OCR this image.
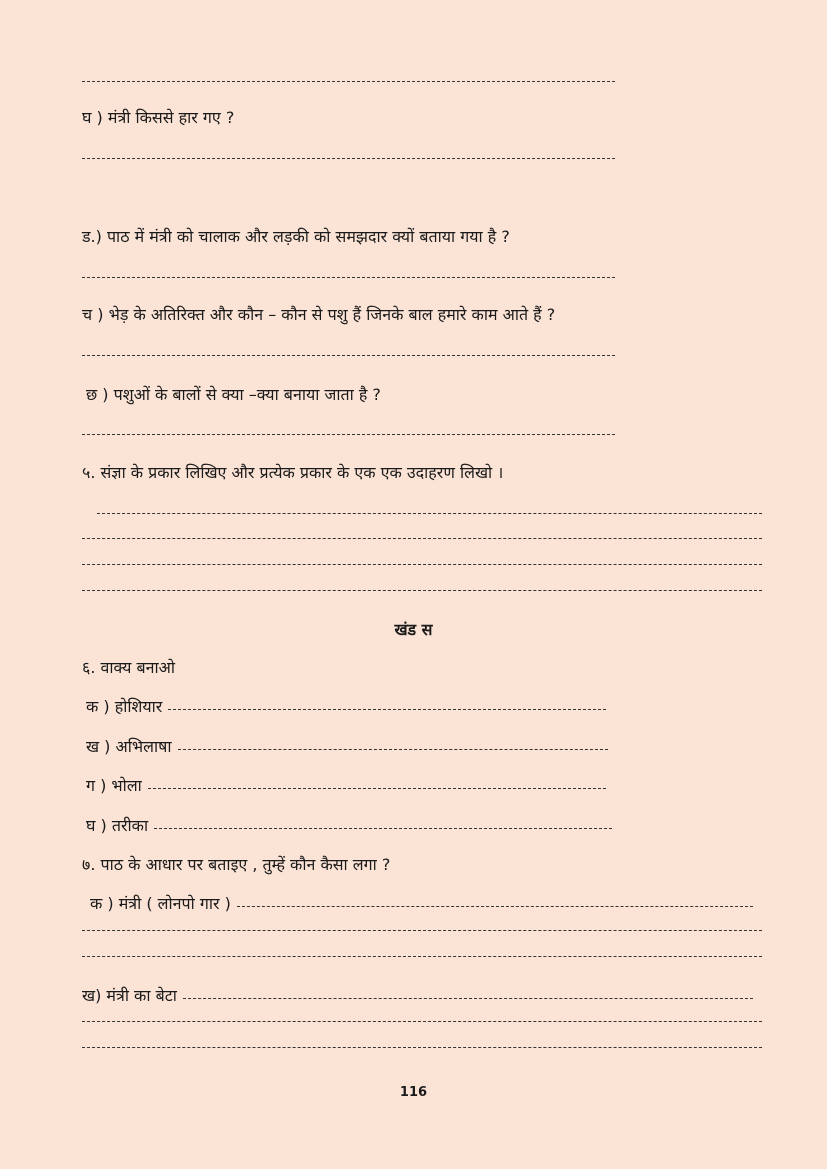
घ ) मंत्री किससे हार गए ?
ड.) पाठ में मंत्री को चालाक और लड़की को समझदार क्यों बताया गया है ?
च ) भेड़ के अतिरिक्त और कौन – कौन से पशु हैं जिनके बाल हमारे काम आते हैं ?
छ ) पशुओं के बालों से क्या –क्या बनाया जाता है ?
५. संज्ञा के प्रकार लिखिए और प्रत्येक प्रकार के एक एक उदाहरण लिखो ।
खंड स
६. वाक्य बनाओ
क ) होशियार
ख ) अभिलाषा
ग ) भोला
घ ) तरीका
७. पाठ के आधार पर बताइए , तुम्हें कौन कैसा लगा ?
क ) मंत्री ( लोनपो गार )
ख) मंत्री का बेटा
116
